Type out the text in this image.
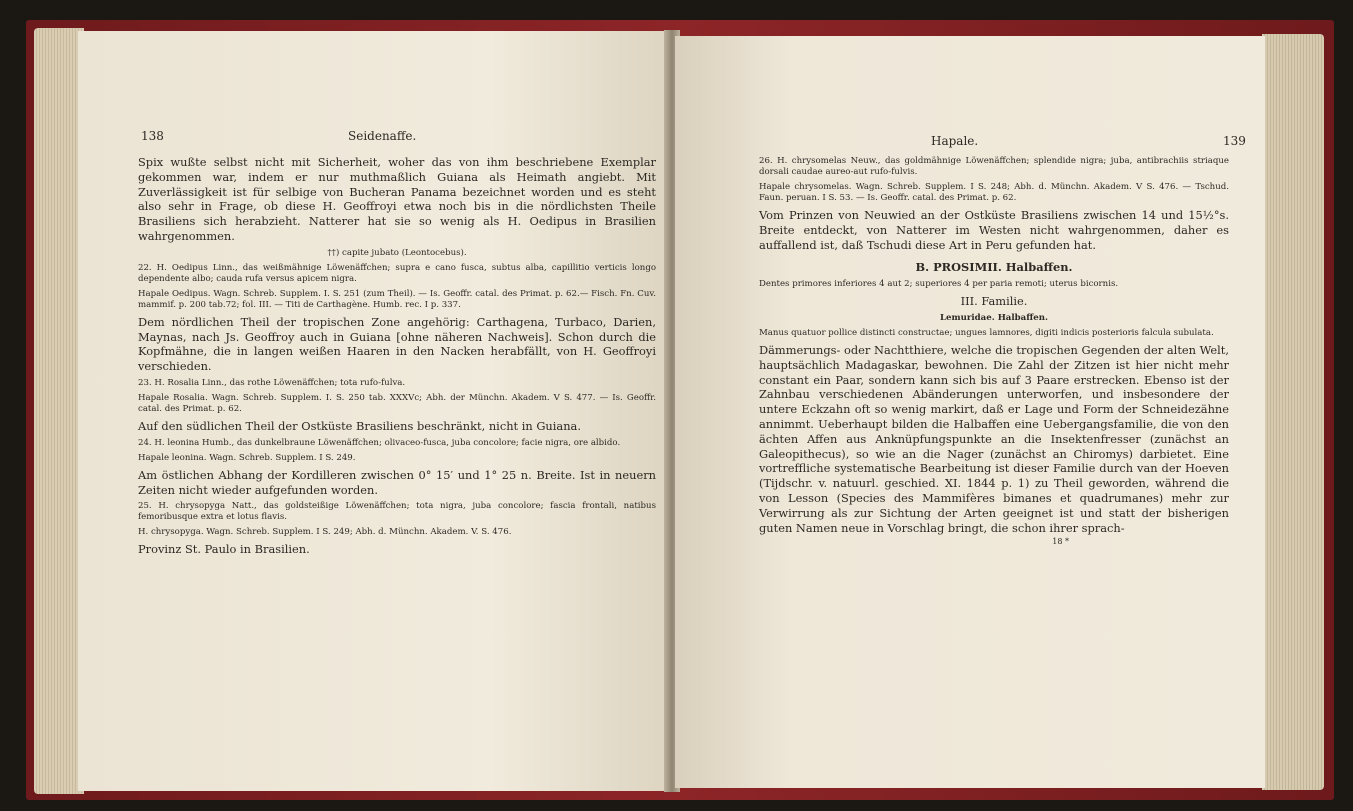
138	Seidenaffe.

Spix wußte selbst nicht mit Sicherheit, woher das von ihm beschriebene Exemplar gekommen war, indem er nur muthmaßlich Guiana als Heimath angiebt. Mit Zuverlässigkeit ist für selbige von Bucheran Panama bezeichnet worden und es steht also sehr in Frage, ob diese H. Geoffroyi etwa noch bis in die nördlichsten Theile Brasiliens sich herabzieht. Natterer hat sie so wenig als H. Oedipus in Brasilien wahrgenommen.

††) capite jubato (Leontocebus).

22. H. Oedipus Linn., das weißmähnige Löwenäffchen; supra e cano fusca, subtus alba, capillitio verticis longo dependente albo; cauda rufa versus apicem nigra.

Hapale Oedipus. Wagn. Schreb. Supplem. I. S. 251 (zum Theil). — Is. Geoffr. catal. des Primat. p. 62.— Fisch. Fn. Cuv. mammif. p. 200 tab.72; fol. III. — Titi de Carthagène. Humb. rec. I p. 337.

Dem nördlichen Theil der tropischen Zone angehörig: Carthagena, Turbaco, Darien, Maynas, nach Js. Geoffroy auch in Guiana [ohne näheren Nachweis]. Schon durch die Kopfmähne, die in langen weißen Haaren in den Nacken herabfällt, von H. Geoffroyi verschieden.

23. H. Rosalia Linn., das rothe Löwenäffchen; tota rufo-fulva.

Hapale Rosalia. Wagn. Schreb. Supplem. I. S. 250 tab. XXXVc; Abh. der Münchn. Akadem. V S. 477. — Is. Geoffr. catal. des Primat. p. 62.

Auf den südlichen Theil der Ostküste Brasiliens beschränkt, nicht in Guiana.

24. H. leonina Humb., das dunkelbraune Löwenäffchen; olivaceo-fusca, juba concolore; facie nigra, ore albido.

Hapale leonina. Wagn. Schreb. Supplem. I S. 249.

Am östlichen Abhang der Kordilleren zwischen 0° 15′ und 1° 25 n. Breite. Ist in neuern Zeiten nicht wieder aufgefunden worden.

25. H. chrysopyga Natt., das goldsteißige Löwenäffchen; tota nigra, juba concolore; fascia frontali, natibus femoribusque extra et lotus flavis.

H. chrysopyga. Wagn. Schreb. Supplem. I S. 249; Abh. d. Münchn. Akadem. V. S. 476.

Provinz St. Paulo in Brasilien.

Hapale.	139

26. H. chrysomelas Neuw., das goldmähnige Löwenäffchen; splendide nigra; juba, antibrachiis striaque dorsali caudae aureo-aut rufo-fulvis.

Hapale chrysomelas. Wagn. Schreb. Supplem. I S. 248; Abh. d. Münchn. Akadem. V S. 476. — Tschud. Faun. peruan. I S. 53. — Is. Geoffr. catal. des Primat. p. 62.

Vom Prinzen von Neuwied an der Ostküste Brasiliens zwischen 14 und 15½°s. Breite entdeckt, von Natterer im Westen nicht wahrgenommen, daher es auffallend ist, daß Tschudi diese Art in Peru gefunden hat.

B. PROSIMII. Halbaffen.

Dentes primores inferiores 4 aut 2; superiores 4 per paria remoti; uterus bicornis.

III. Familie.

Lemuridae. Halbaffen.

Manus quatuor pollice distincti constructae; ungues lamnores, digiti indicis posterioris falcula subulata.

Dämmerungs- oder Nachtthiere, welche die tropischen Gegenden der alten Welt, hauptsächlich Madagaskar, bewohnen. Die Zahl der Zitzen ist hier nicht mehr constant ein Paar, sondern kann sich bis auf 3 Paare erstrecken. Ebenso ist der Zahnbau verschiedenen Abänderungen unterworfen, und insbesondere der untere Eckzahn oft so wenig markirt, daß er Lage und Form der Schneidezähne annimmt. Ueberhaupt bilden die Halbaffen eine Uebergangsfamilie, die von den ächten Affen aus Anknüpfungspunkte an die Insektenfresser (zunächst an Galeopithecus), so wie an die Nager (zunächst an Chiromys) darbietet. Eine vortreffliche systematische Bearbeitung ist dieser Familie durch van der Hoeven (Tijdschr. v. natuurl. geschied. XI. 1844 p. 1) zu Theil geworden, während die von Lesson (Species des Mammifères bimanes et quadrumanes) mehr zur Verwirrung als zur Sichtung der Arten geeignet ist und statt der bisherigen guten Namen neue in Vorschlag bringt, die schon ihrer sprach-

18 *
